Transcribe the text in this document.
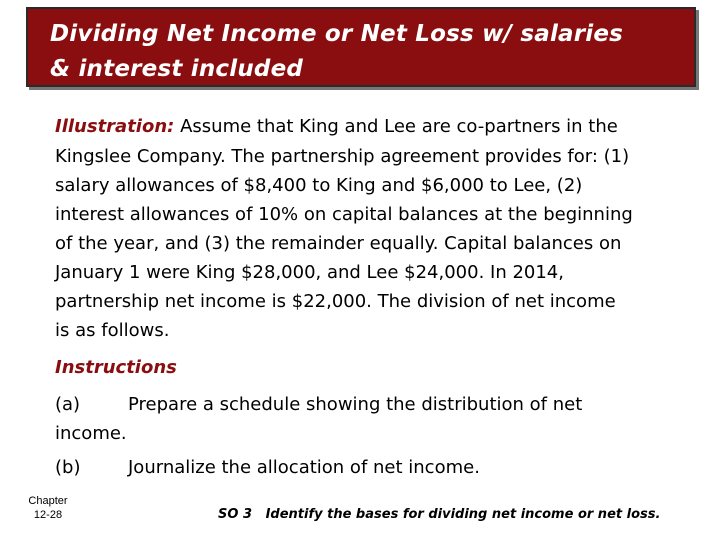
Dividing Net Income or Net Loss w/ salaries
& interest included
Illustration: Assume that King and Lee are co-partners in the
Kingslee Company. The partnership agreement provides for: (1)
salary allowances of $8,400 to King and $6,000 to Lee, (2)
interest allowances of 10% on capital balances at the beginning
of the year, and (3) the remainder equally. Capital balances on
January 1 were King $28,000, and Lee $24,000. In 2014,
partnership net income is $22,000. The division of net income
is as follows.
Instructions
(a)	Prepare a schedule showing the distribution of net
income.
(b)	Journalize the allocation of net income.
Chapter
12-28	SO 3 Identify the bases for dividing net income or net loss.
